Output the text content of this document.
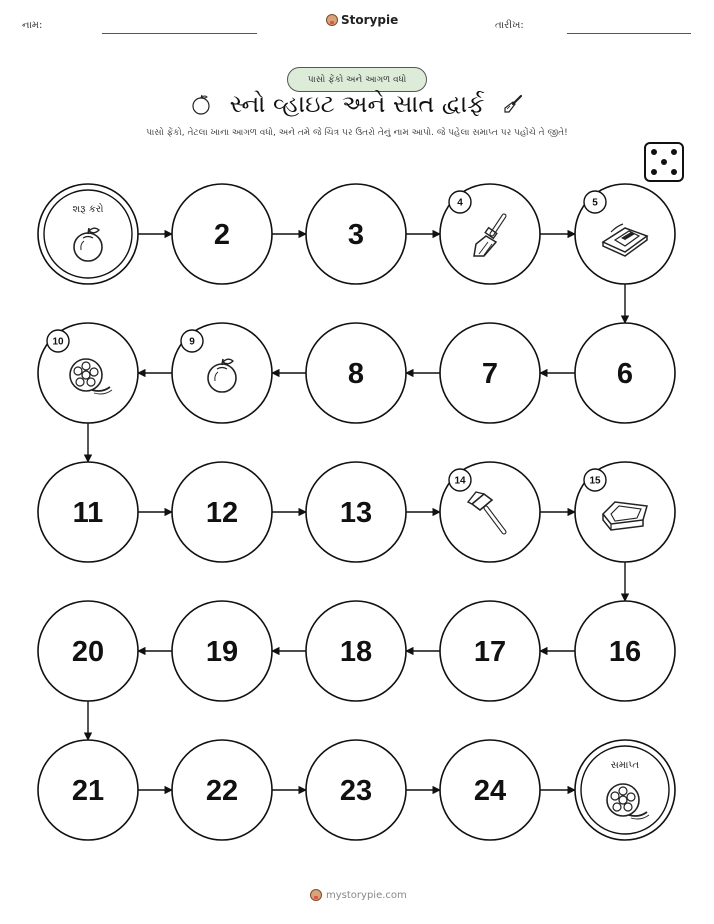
નામ:	Storypie	તારીખ:
પાસો ફેંકો અને આગળ વધો
સ્નો વ્હાઇટ અને સાત દ્વાર્ફ
પાસો ફેંકો, તેટલા ખાના આગળ વધો, અને તમે જે ચિત્ર પર ઉતરો તેનું નામ આપો. જે પહેલા સમાપ્ત પર પહોંચે તે જીતે!
શરૂ કરો
2	3
4	5
10	9
8	7	6
11	12	13
14	15
20	19	18	17	16
21	22	23	24
સમાપ્ત
mystorypie.com
